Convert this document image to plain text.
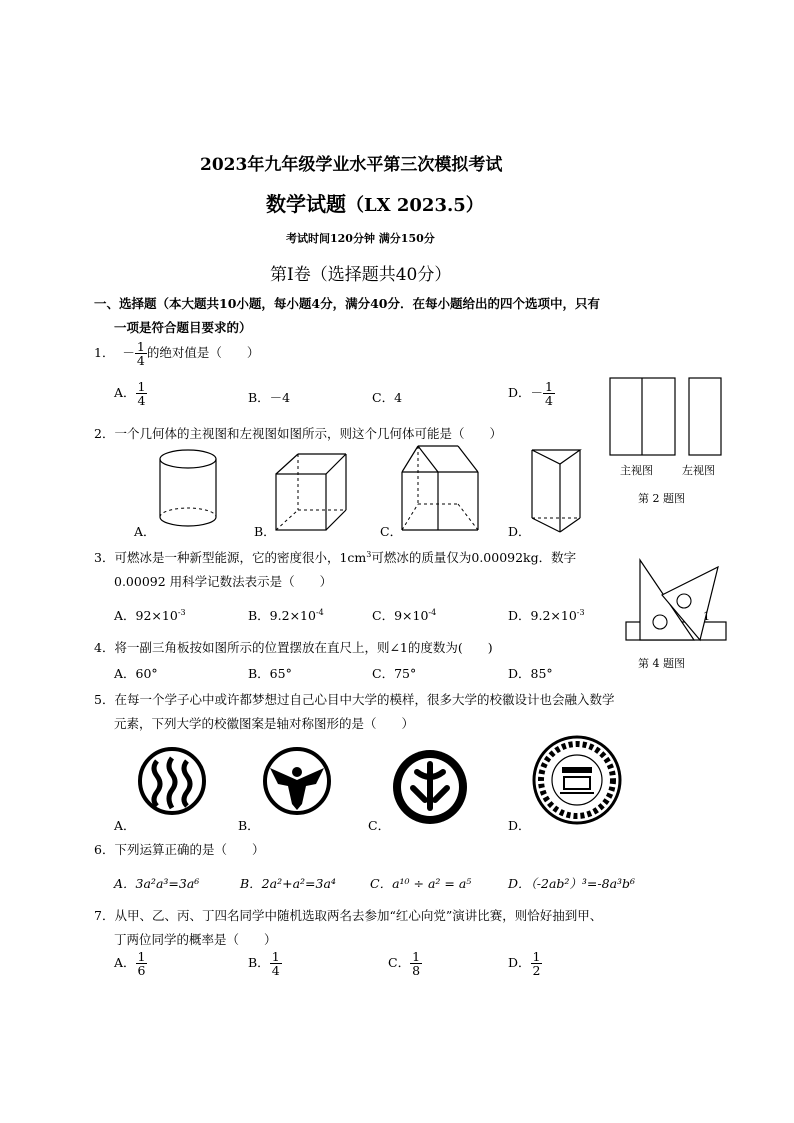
2023年九年级学业水平第三次模拟考试
数学试题（LX 2023.5）
考试时间120分钟 满分150分
第Ⅰ卷（选择题共40分）
一、选择题（本大题共10小题，每小题4分，满分40分．在每小题给出的四个选项中，只有
一项是符合题目要求的）
1． － $\frac{1}{4}$ 的绝对值是（　　）
A． $\frac{1}{4}$	B．－4	C．4	D．－ $\frac{1}{4}$
主视图	左视图
第 2 题图
2．一个几何体的主视图和左视图如图所示，则这个几何体可能是（　　）
A．	B．	C．	D．
3．可燃冰是一种新型能源，它的密度很小，$1cm^3$可燃冰的质量仅为0.00092kg．数字
0.00092 用科学记数法表示是（　　）
A．$92\times 10^{-3}$	B．$9.2\times 10^{-4}$	C．$9\times 10^{-4}$	D．$9.2\times 10^{-3}$	1
第 4 题图
4．将一副三角板按如图所示的位置摆放在直尺上，则∠1的度数为(　　)
A．60°	B．65°	C．75°	D．85°
5．在每一个学子心中或许都梦想过自己心目中大学的模样，很多大学的校徽设计也会融入数学
元素，下列大学的校徽图案是轴对称图形的是（　　）
A．	B．	C．	D．
6．下列运算正确的是（　　）
A．3a²a³=3a⁶	B．2a²+a²=3a⁴	C．a¹⁰ ÷ a² = a⁵	D．（-2ab²）³=-8a³b⁶
7．从甲、乙、丙、丁四名同学中随机选取两名去参加“红心向党”演讲比赛，则恰好抽到甲、
丁两位同学的概率是（　　）
A． $\frac{1}{6}$	B． $\frac{1}{4}$	C． $\frac{1}{8}$	D． $\frac{1}{2}$
